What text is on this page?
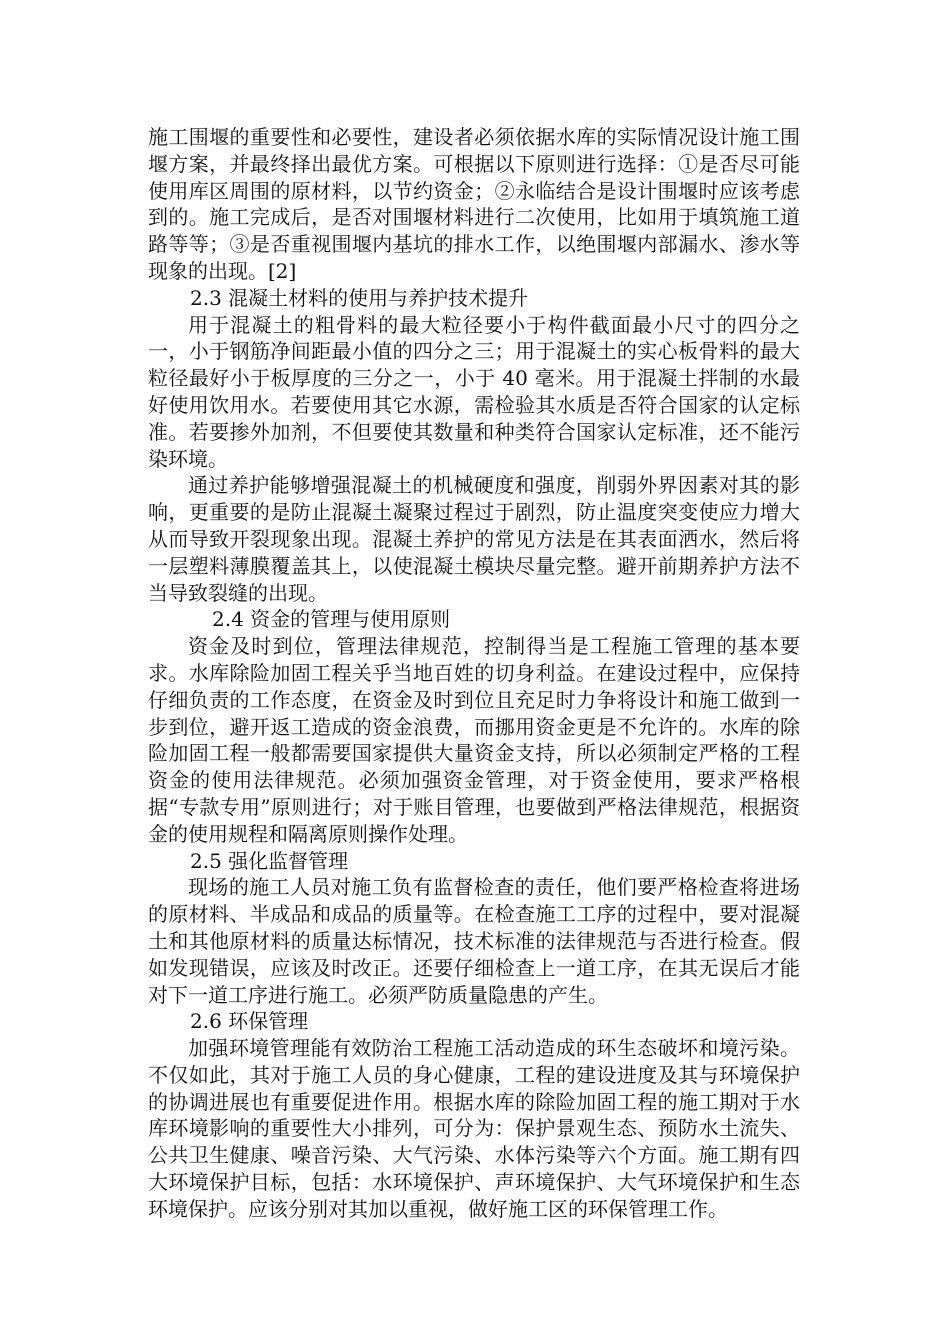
施工围堰的重要性和必要性，建设者必须依据水库的实际情况设计施工围堰方案，并最终择出最优方案。可根据以下原则进行选择：①是否尽可能使用库区周围的原材料，以节约资金；②永临结合是设计围堰时应该考虑到的。施工完成后，是否对围堰材料进行二次使用，比如用于填筑施工道路等等；③是否重视围堰内基坑的排水工作，以绝围堰内部漏水、渗水等现象的出现。[2]

2.3 混凝土材料的使用与养护技术提升

用于混凝土的粗骨料的最大粒径要小于构件截面最小尺寸的四分之一，小于钢筋净间距最小值的四分之三；用于混凝土的实心板骨料的最大粒径最好小于板厚度的三分之一，小于 40 毫米。用于混凝土拌制的水最好使用饮用水。若要使用其它水源，需检验其水质是否符合国家的认定标准。若要掺外加剂，不但要使其数量和种类符合国家认定标准，还不能污染环境。

通过养护能够增强混凝土的机械硬度和强度，削弱外界因素对其的影响，更重要的是防止混凝土凝聚过程过于剧烈，防止温度突变使应力增大从而导致开裂现象出现。混凝土养护的常见方法是在其表面洒水，然后将一层塑料薄膜覆盖其上，以使混凝土模块尽量完整。避开前期养护方法不当导致裂缝的出现。

2.4 资金的管理与使用原则

资金及时到位，管理法律规范，控制得当是工程施工管理的基本要求。水库除险加固工程关乎当地百姓的切身利益。在建设过程中，应保持仔细负责的工作态度，在资金及时到位且充足时力争将设计和施工做到一步到位，避开返工造成的资金浪费，而挪用资金更是不允许的。水库的除险加固工程一般都需要国家提供大量资金支持，所以必须制定严格的工程资金的使用法律规范。必须加强资金管理，对于资金使用，要求严格根据“专款专用”原则进行；对于账目管理，也要做到严格法律规范，根据资金的使用规程和隔离原则操作处理。

2.5 强化监督管理

现场的施工人员对施工负有监督检查的责任，他们要严格检查将进场的原材料、半成品和成品的质量等。在检查施工工序的过程中，要对混凝土和其他原材料的质量达标情况，技术标准的法律规范与否进行检查。假如发现错误，应该及时改正。还要仔细检查上一道工序，在其无误后才能对下一道工序进行施工。必须严防质量隐患的产生。

2.6 环保管理

加强环境管理能有效防治工程施工活动造成的环生态破坏和境污染。不仅如此，其对于施工人员的身心健康，工程的建设进度及其与环境保护的协调进展也有重要促进作用。根据水库的除险加固工程的施工期对于水库环境影响的重要性大小排列，可分为：保护景观生态、预防水土流失、公共卫生健康、噪音污染、大气污染、水体污染等六个方面。施工期有四大环境保护目标，包括：水环境保护、声环境保护、大气环境保护和生态环境保护。应该分别对其加以重视，做好施工区的环保管理工作。
